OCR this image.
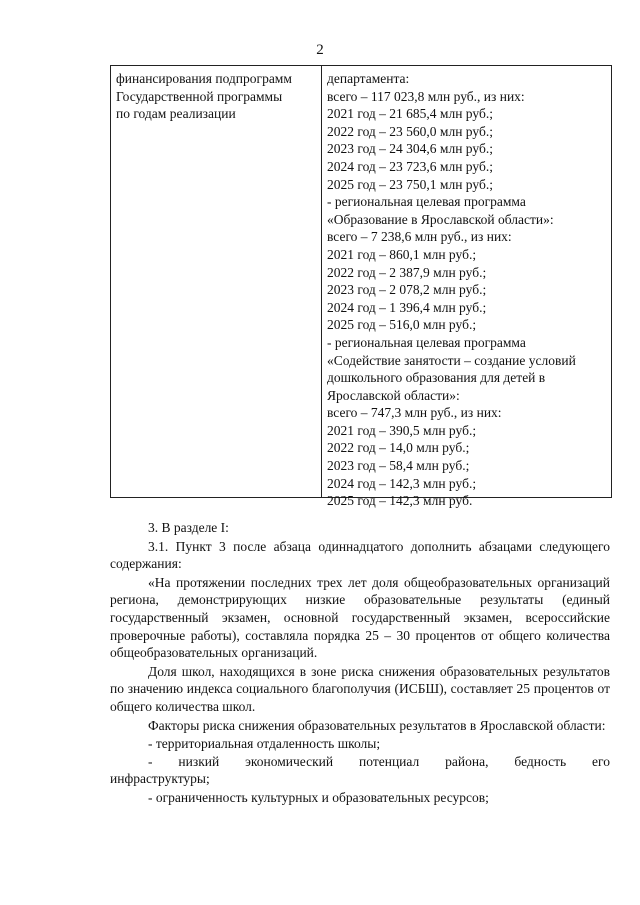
2
финансирования подпрограмм
Государственной программы
по годам реализации
департамента:
всего – 117 023,8 млн руб., из них:
2021 год – 21 685,4 млн руб.;
2022 год – 23 560,0 млн руб.;
2023 год – 24 304,6 млн руб.;
2024 год – 23 723,6 млн руб.;
2025 год – 23 750,1 млн руб.;
- региональная целевая программа
«Образование в Ярославской области»:
всего – 7 238,6 млн руб., из них:
2021 год – 860,1 млн руб.;
2022 год – 2 387,9 млн руб.;
2023 год – 2 078,2 млн руб.;
2024 год – 1 396,4 млн руб.;
2025 год – 516,0 млн руб.;
- региональная целевая программа
«Содействие занятости – создание условий
дошкольного образования для детей в
Ярославской области»:
всего – 747,3 млн руб., из них:
2021 год – 390,5 млн руб.;
2022 год – 14,0 млн руб.;
2023 год – 58,4 млн руб.;
2024 год – 142,3 млн руб.;
2025 год – 142,3 млн руб.

3. В разделе I:

3.1. Пункт 3 после абзаца одиннадцатого дополнить абзацами следующего содержания:

«На протяжении последних трех лет доля общеобразовательных организаций региона, демонстрирующих низкие образовательные результаты (единый государственный экзамен, основной государственный экзамен, всероссийские проверочные работы), составляла порядка 25 – 30 процентов от общего количества общеобразовательных организаций.

Доля школ, находящихся в зоне риска снижения образовательных результатов по значению индекса социального благополучия (ИСБШ), составляет 25 процентов от общего количества школ.

Факторы риска снижения образовательных результатов в Ярославской области:

- территориальная отдаленность школы;

- низкий экономический потенциал района, бедность его
инфраструктуры;

- ограниченность культурных и образовательных ресурсов;
